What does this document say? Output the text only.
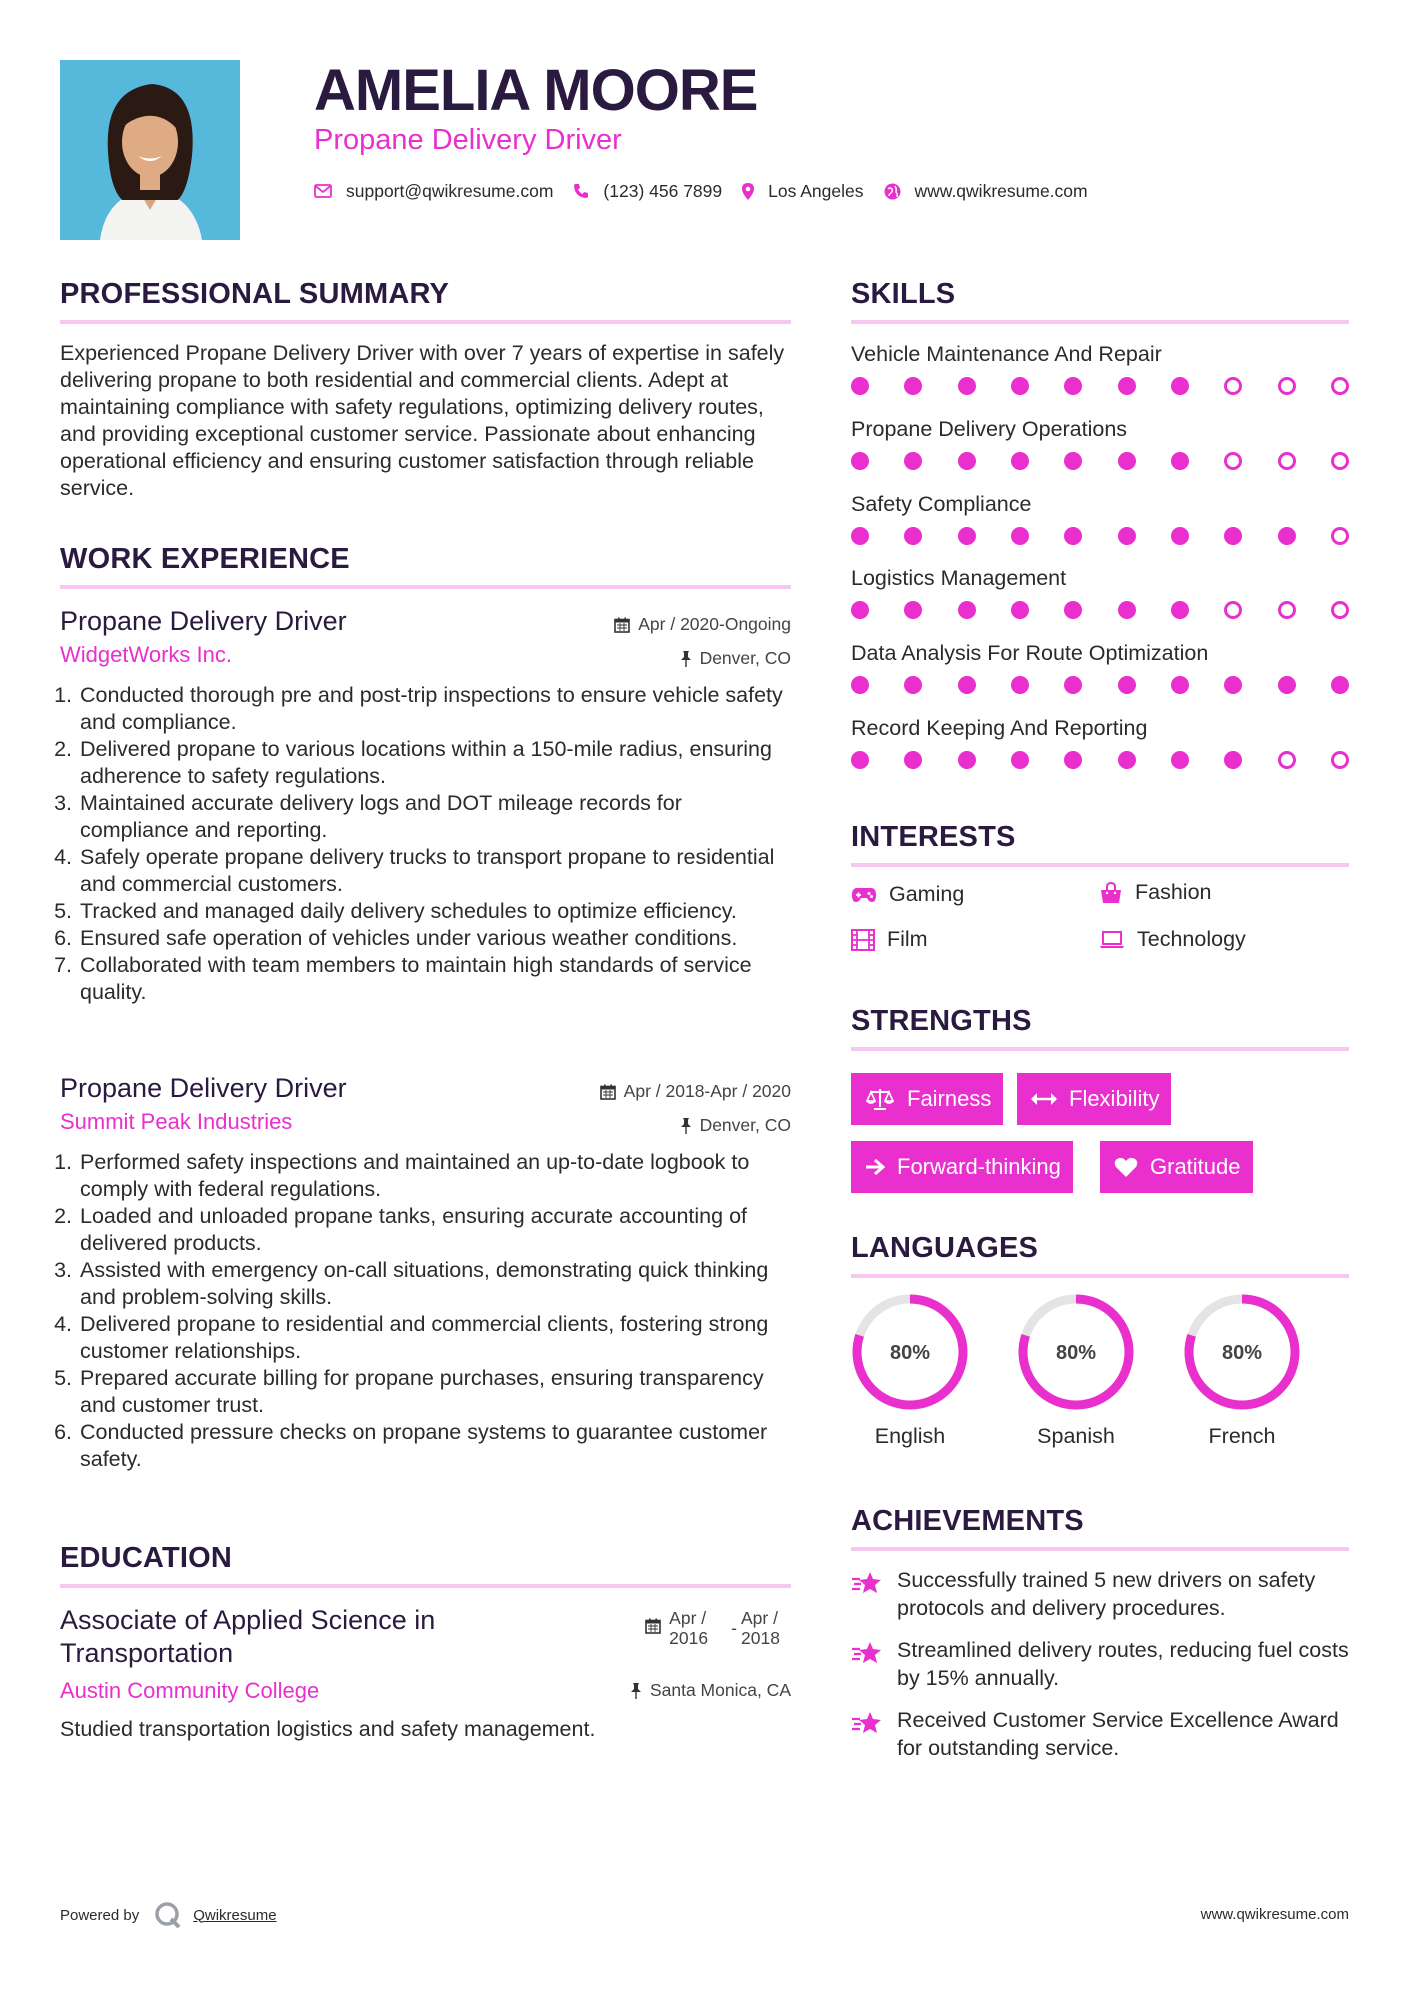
AMELIA MOORE
Propane Delivery Driver
support@qwikresume.com	(123) 456 7899	Los Angeles	www.qwikresume.com
PROFESSIONAL SUMMARY
Experienced Propane Delivery Driver with over 7 years of expertise in safely delivering propane to both residential and commercial clients. Adept at maintaining compliance with safety regulations, optimizing delivery routes, and providing exceptional customer service. Passionate about enhancing operational efficiency and ensuring customer satisfaction through reliable service.
WORK EXPERIENCE
Propane Delivery Driver	Apr / 2020-Ongoing
Denver, CO
WidgetWorks Inc.
1. Conducted thorough pre and post-trip inspections to ensure vehicle safety and compliance.
2. Delivered propane to various locations within a 150-mile radius, ensuring adherence to safety regulations.
3. Maintained accurate delivery logs and DOT mileage records for compliance and reporting.
4. Safely operate propane delivery trucks to transport propane to residential and commercial customers.
5. Tracked and managed daily delivery schedules to optimize efficiency.
6. Ensured safe operation of vehicles under various weather conditions.
7. Collaborated with team members to maintain high standards of service quality.
Propane Delivery Driver	Apr / 2018-Apr / 2020
Denver, CO
Summit Peak Industries
1. Performed safety inspections and maintained an up-to-date logbook to comply with federal regulations.
2. Loaded and unloaded propane tanks, ensuring accurate accounting of delivered products.
3. Assisted with emergency on-call situations, demonstrating quick thinking and problem-solving skills.
4. Delivered propane to residential and commercial clients, fostering strong customer relationships.
5. Prepared accurate billing for propane purchases, ensuring transparency and customer trust.
6. Conducted pressure checks on propane systems to guarantee customer safety.
EDUCATION
Associate of Applied Science in Transportation
Apr / 2016	- Apr / 2018
Santa Monica, CA
Austin Community College
Studied transportation logistics and safety management.
SKILLS
Vehicle Maintenance And Repair
Propane Delivery Operations
Safety Compliance
Logistics Management
Data Analysis For Route Optimization
Record Keeping And Reporting
INTERESTS
Gaming	Fashion
Film	Technology
STRENGTHS
Fairness	Flexibility
Forward-thinking	Gratitude
LANGUAGES
80%
English
80%
Spanish
80%
French
ACHIEVEMENTS
Successfully trained 5 new drivers on safety protocols and delivery procedures.
Streamlined delivery routes, reducing fuel costs by 15% annually.
Received Customer Service Excellence Award for outstanding service.
Powered by	Qwikresume	www.qwikresume.com
